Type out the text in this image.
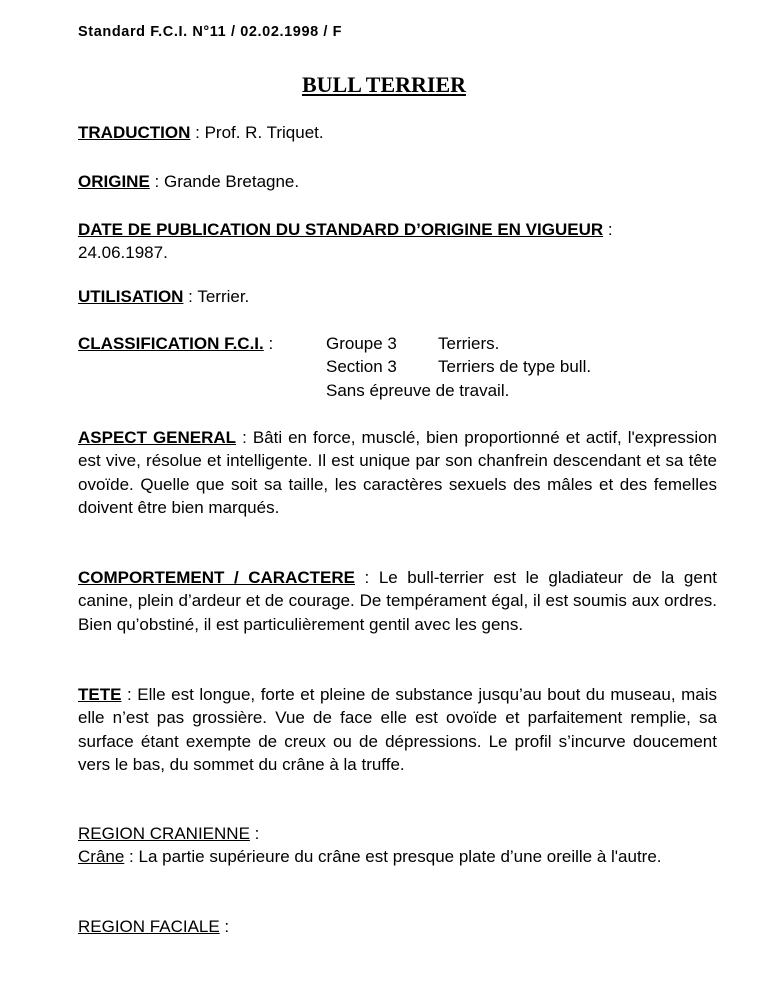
Standard F.C.I. N°11 / 02.02.1998 / F
BULL TERRIER
TRADUCTION : Prof. R. Triquet.
ORIGINE : Grande Bretagne.
DATE DE PUBLICATION DU STANDARD D’ORIGINE EN VIGUEUR :
24.06.1987.
UTILISATION : Terrier.
CLASSIFICATION F.C.I. :	Groupe 3 Terriers.
Section 3 Terriers de type bull.
Sans épreuve de travail.
ASPECT GENERAL : Bâti en force, musclé, bien proportionné et actif, l'expression est vive, résolue et intelligente. Il est unique par son chanfrein descendant et sa tête ovoïde. Quelle que soit sa taille, les caractères sexuels des mâles et des femelles doivent être bien marqués.
COMPORTEMENT / CARACTERE : Le bull-terrier est le gladiateur de la gent canine, plein d’ardeur et de courage. De tempérament égal, il est soumis aux ordres. Bien qu’obstiné, il est particulièrement gentil avec les gens.
TETE : Elle est longue, forte et pleine de substance jusqu’au bout du museau, mais elle n’est pas grossière. Vue de face elle est ovoïde et parfaitement remplie, sa surface étant exempte de creux ou de dépressions. Le profil s’incurve doucement vers le bas, du sommet du crâne à la truffe.
REGION CRANIENNE :
Crâne : La partie supérieure du crâne est presque plate d’une oreille à l'autre.
REGION FACIALE :
